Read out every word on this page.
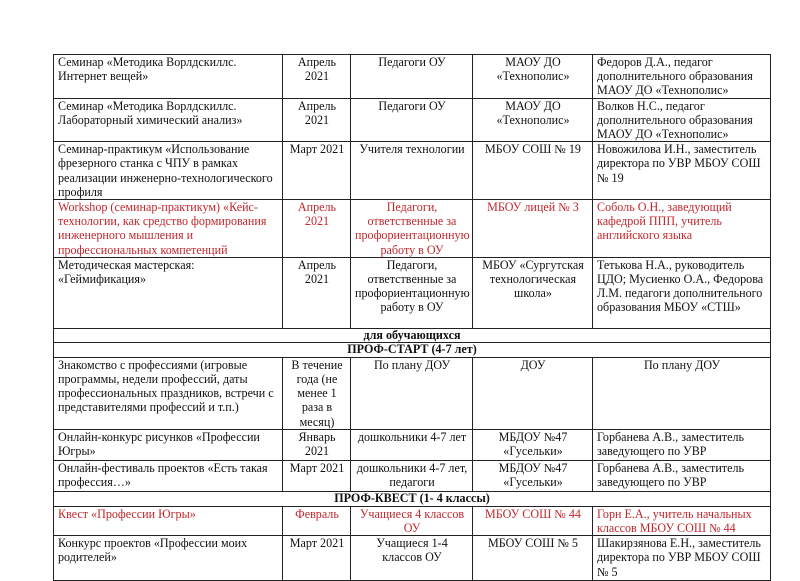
Семинар «Методика Ворлдскиллс. Интернет вещей»	Апрель 2021	Педагоги ОУ	МАОУ ДО «Технополис»	Федоров Д.А., педагог дополнительного образования МАОУ ДО «Технополис»
Семинар «Методика Ворлдскиллс. Лабораторный химический анализ»	Апрель 2021	Педагоги ОУ	МАОУ ДО «Технополис»	Волков Н.С., педагог дополнительного образования МАОУ ДО «Технополис»
Семинар-практикум «Использование фрезерного станка с ЧПУ в рамках реализации инженерно-технологического профиля	Март 2021	Учителя технологии	МБОУ СОШ № 19	Новожилова И.Н., заместитель директора по УВР МБОУ СОШ № 19
Workshop (семинар-практикум) «Кейс-технологии, как средство формирования инженерного мышления и профессиональных компетенций	Апрель 2021	Педагоги, ответственные за профориентационную работу в ОУ	МБОУ лицей № 3	Соболь О.Н., заведующий кафедрой ППП, учитель английского языка
Методическая мастерская: «Геймификация»	Апрель 2021	Педагоги, ответственные за профориентационную работу в ОУ	МБОУ «Сургутская технологическая школа»	Тетькова Н.А., руководитель ЦДО; Мусиенко О.А., Федорова Л.М. педагоги дополнительного образования МБОУ «СТШ»
для обучающихся				
ПРОФ-СТАРТ (4-7 лет)				
Знакомство с профессиями (игровые программы, недели профессий, даты профессиональных праздников, встречи с представителями профессий и т.п.)	В течение года (не менее 1 раза в месяц)	По плану ДОУ	ДОУ	По плану ДОУ
Онлайн-конкурс рисунков «Профессии Югры»	Январь 2021	дошкольники 4-7 лет	МБДОУ №47 «Гусельки»	Горбанева А.В., заместитель заведующего по УВР
Онлайн-фестиваль проектов «Есть такая профессия…»	Март 2021	дошкольники 4-7 лет, педагоги	МБДОУ №47 «Гусельки»	Горбанева А.В., заместитель заведующего по УВР
ПРОФ-КВЕСТ (1- 4 классы)				
Квест «Профессии Югры»	Февраль	Учащиеся 4 классов ОУ	МБОУ СОШ № 44	Горн Е.А., учитель начальных классов МБОУ СОШ № 44
Конкурс проектов «Профессии моих родителей»	Март 2021	Учащиеся 1-4 классов ОУ	МБОУ СОШ № 5	Шакирзянова Е.Н., заместитель директора по УВР МБОУ СОШ № 5
